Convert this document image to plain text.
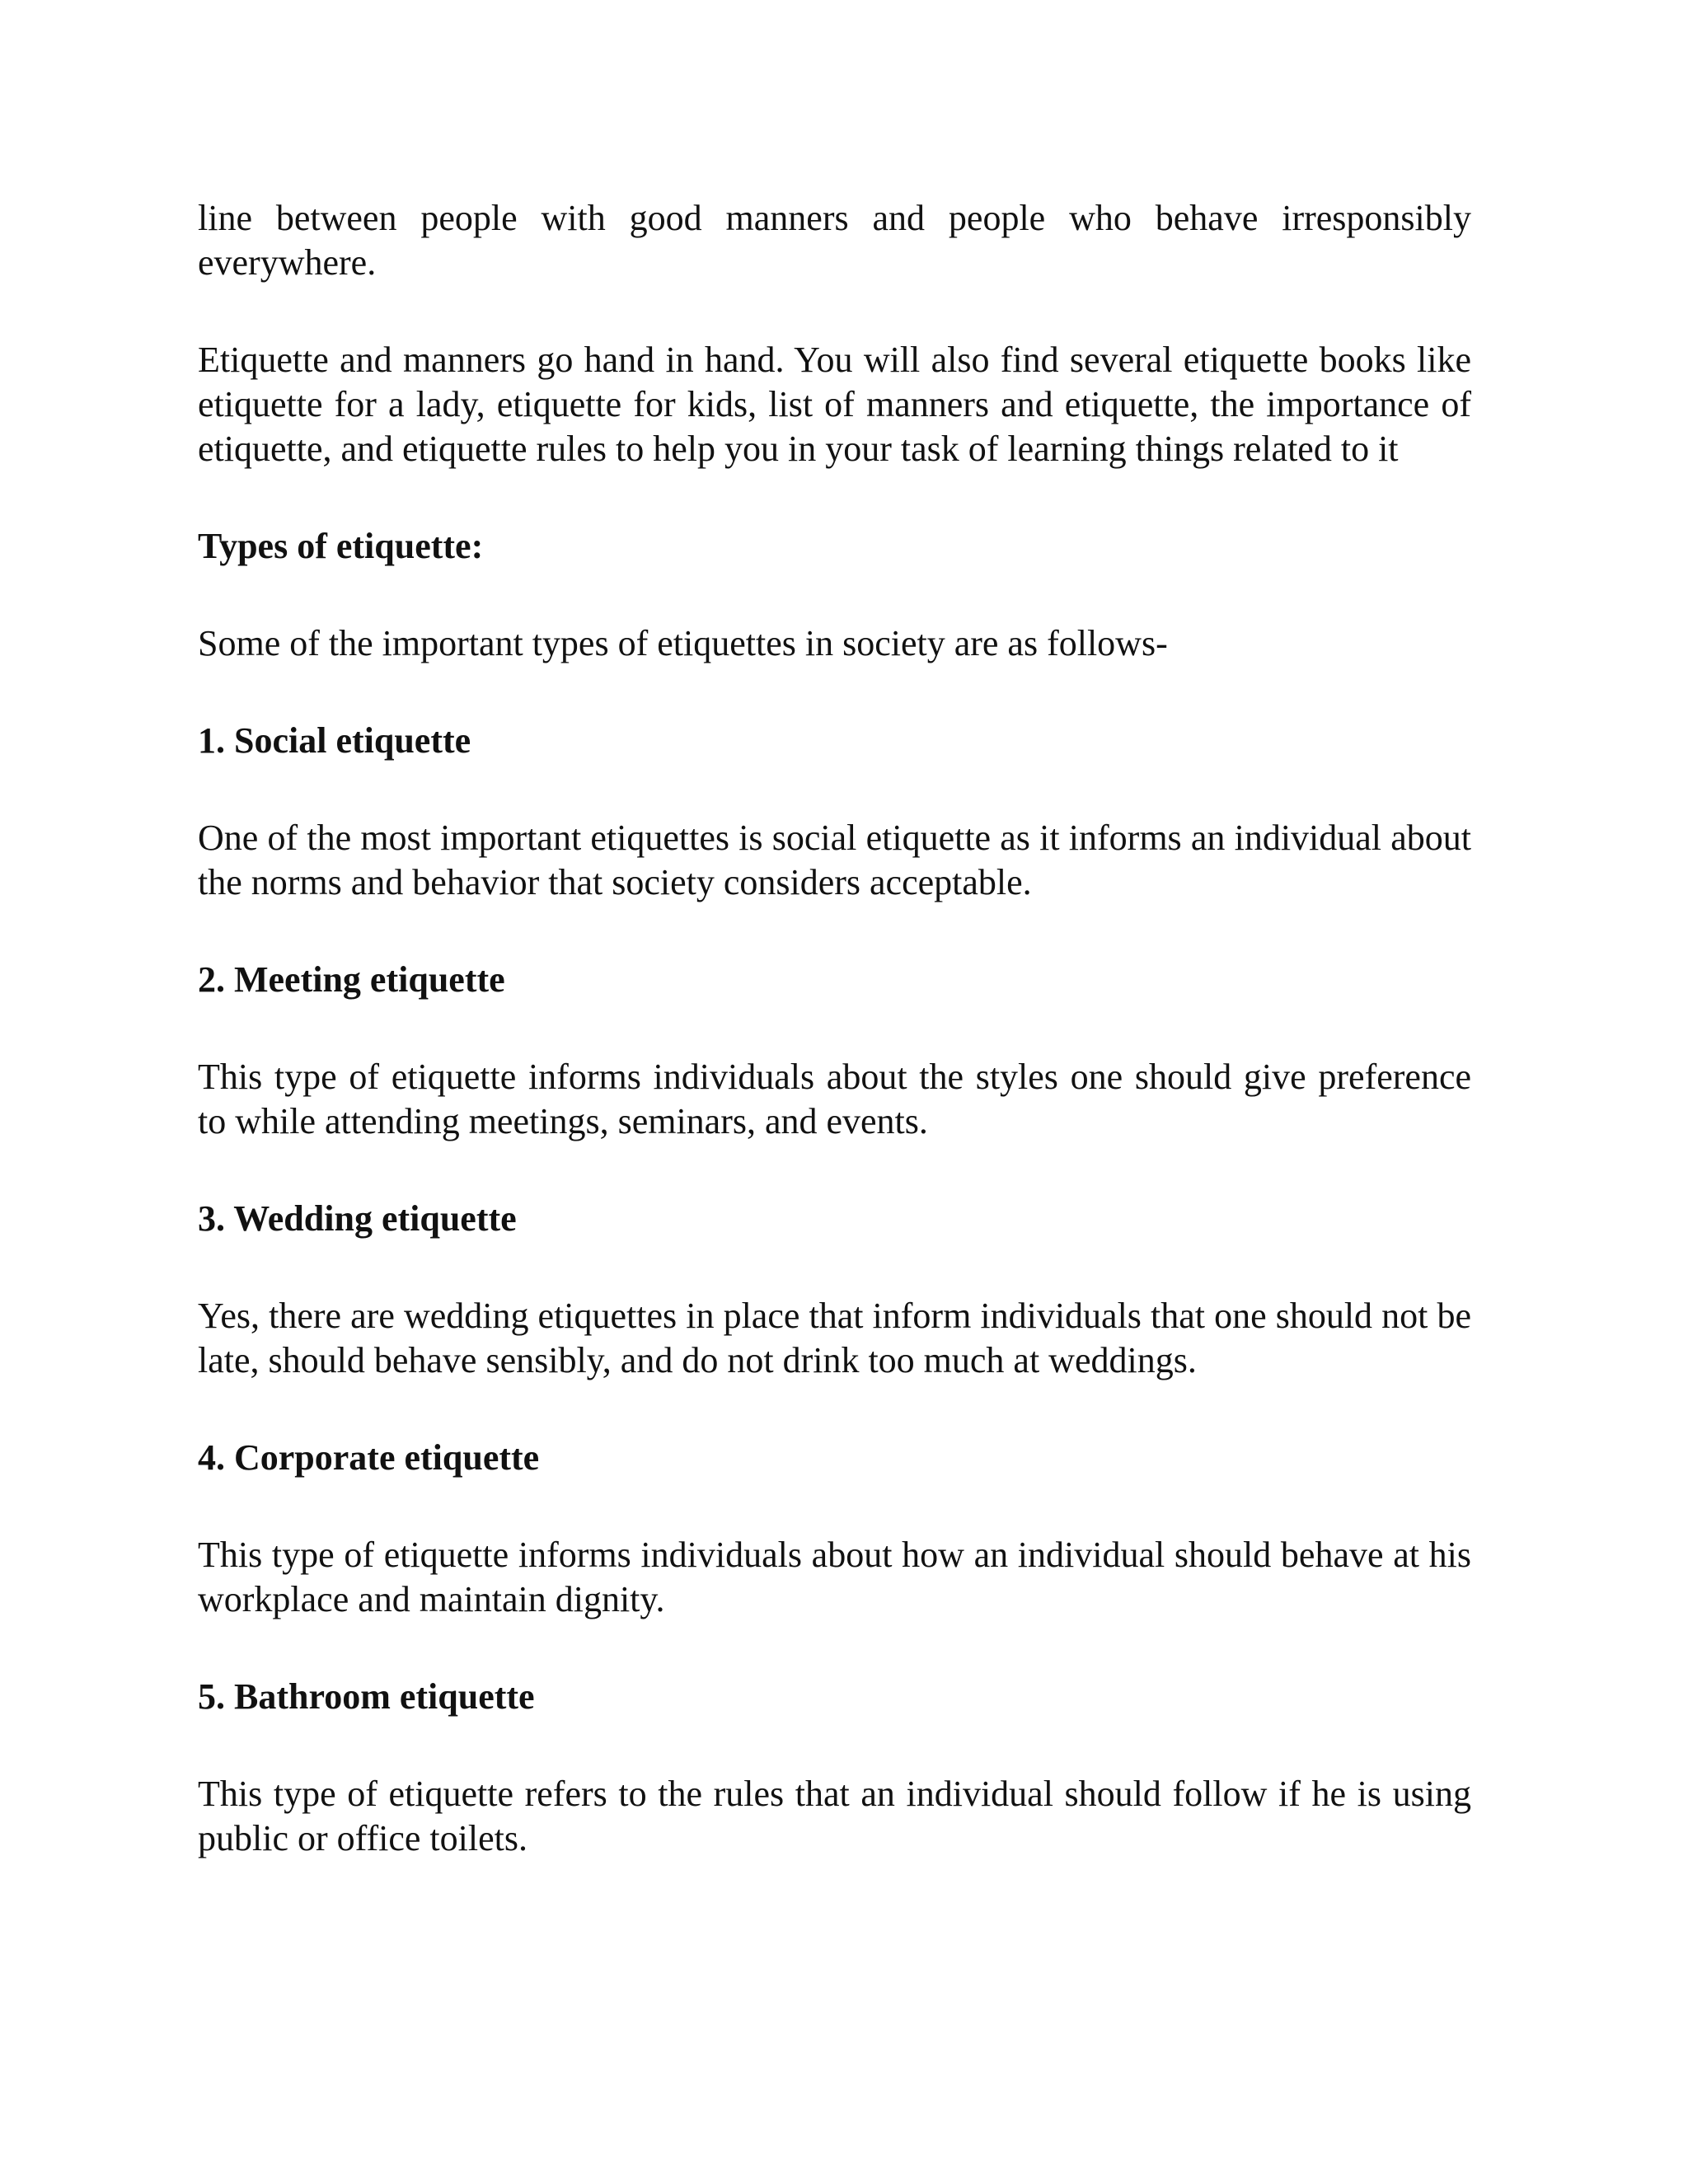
line between people with good manners and people who behave irresponsibly everywhere.

Etiquette and manners go hand in hand. You will also find several etiquette books like etiquette for a lady, etiquette for kids, list of manners and etiquette, the importance of etiquette, and etiquette rules to help you in your task of learning things related to it

Types of etiquette:

Some of the important types of etiquettes in society are as follows-

1. Social etiquette

One of the most important etiquettes is social etiquette as it informs an individual about the norms and behavior that society considers acceptable.

2. Meeting etiquette

This type of etiquette informs individuals about the styles one should give preference to while attending meetings, seminars, and events.

3. Wedding etiquette

Yes, there are wedding etiquettes in place that inform individuals that one should not be late, should behave sensibly, and do not drink too much at weddings.

4. Corporate etiquette

This type of etiquette informs individuals about how an individual should behave at his workplace and maintain dignity.

5. Bathroom etiquette

This type of etiquette refers to the rules that an individual should follow if he is using public or office toilets.
